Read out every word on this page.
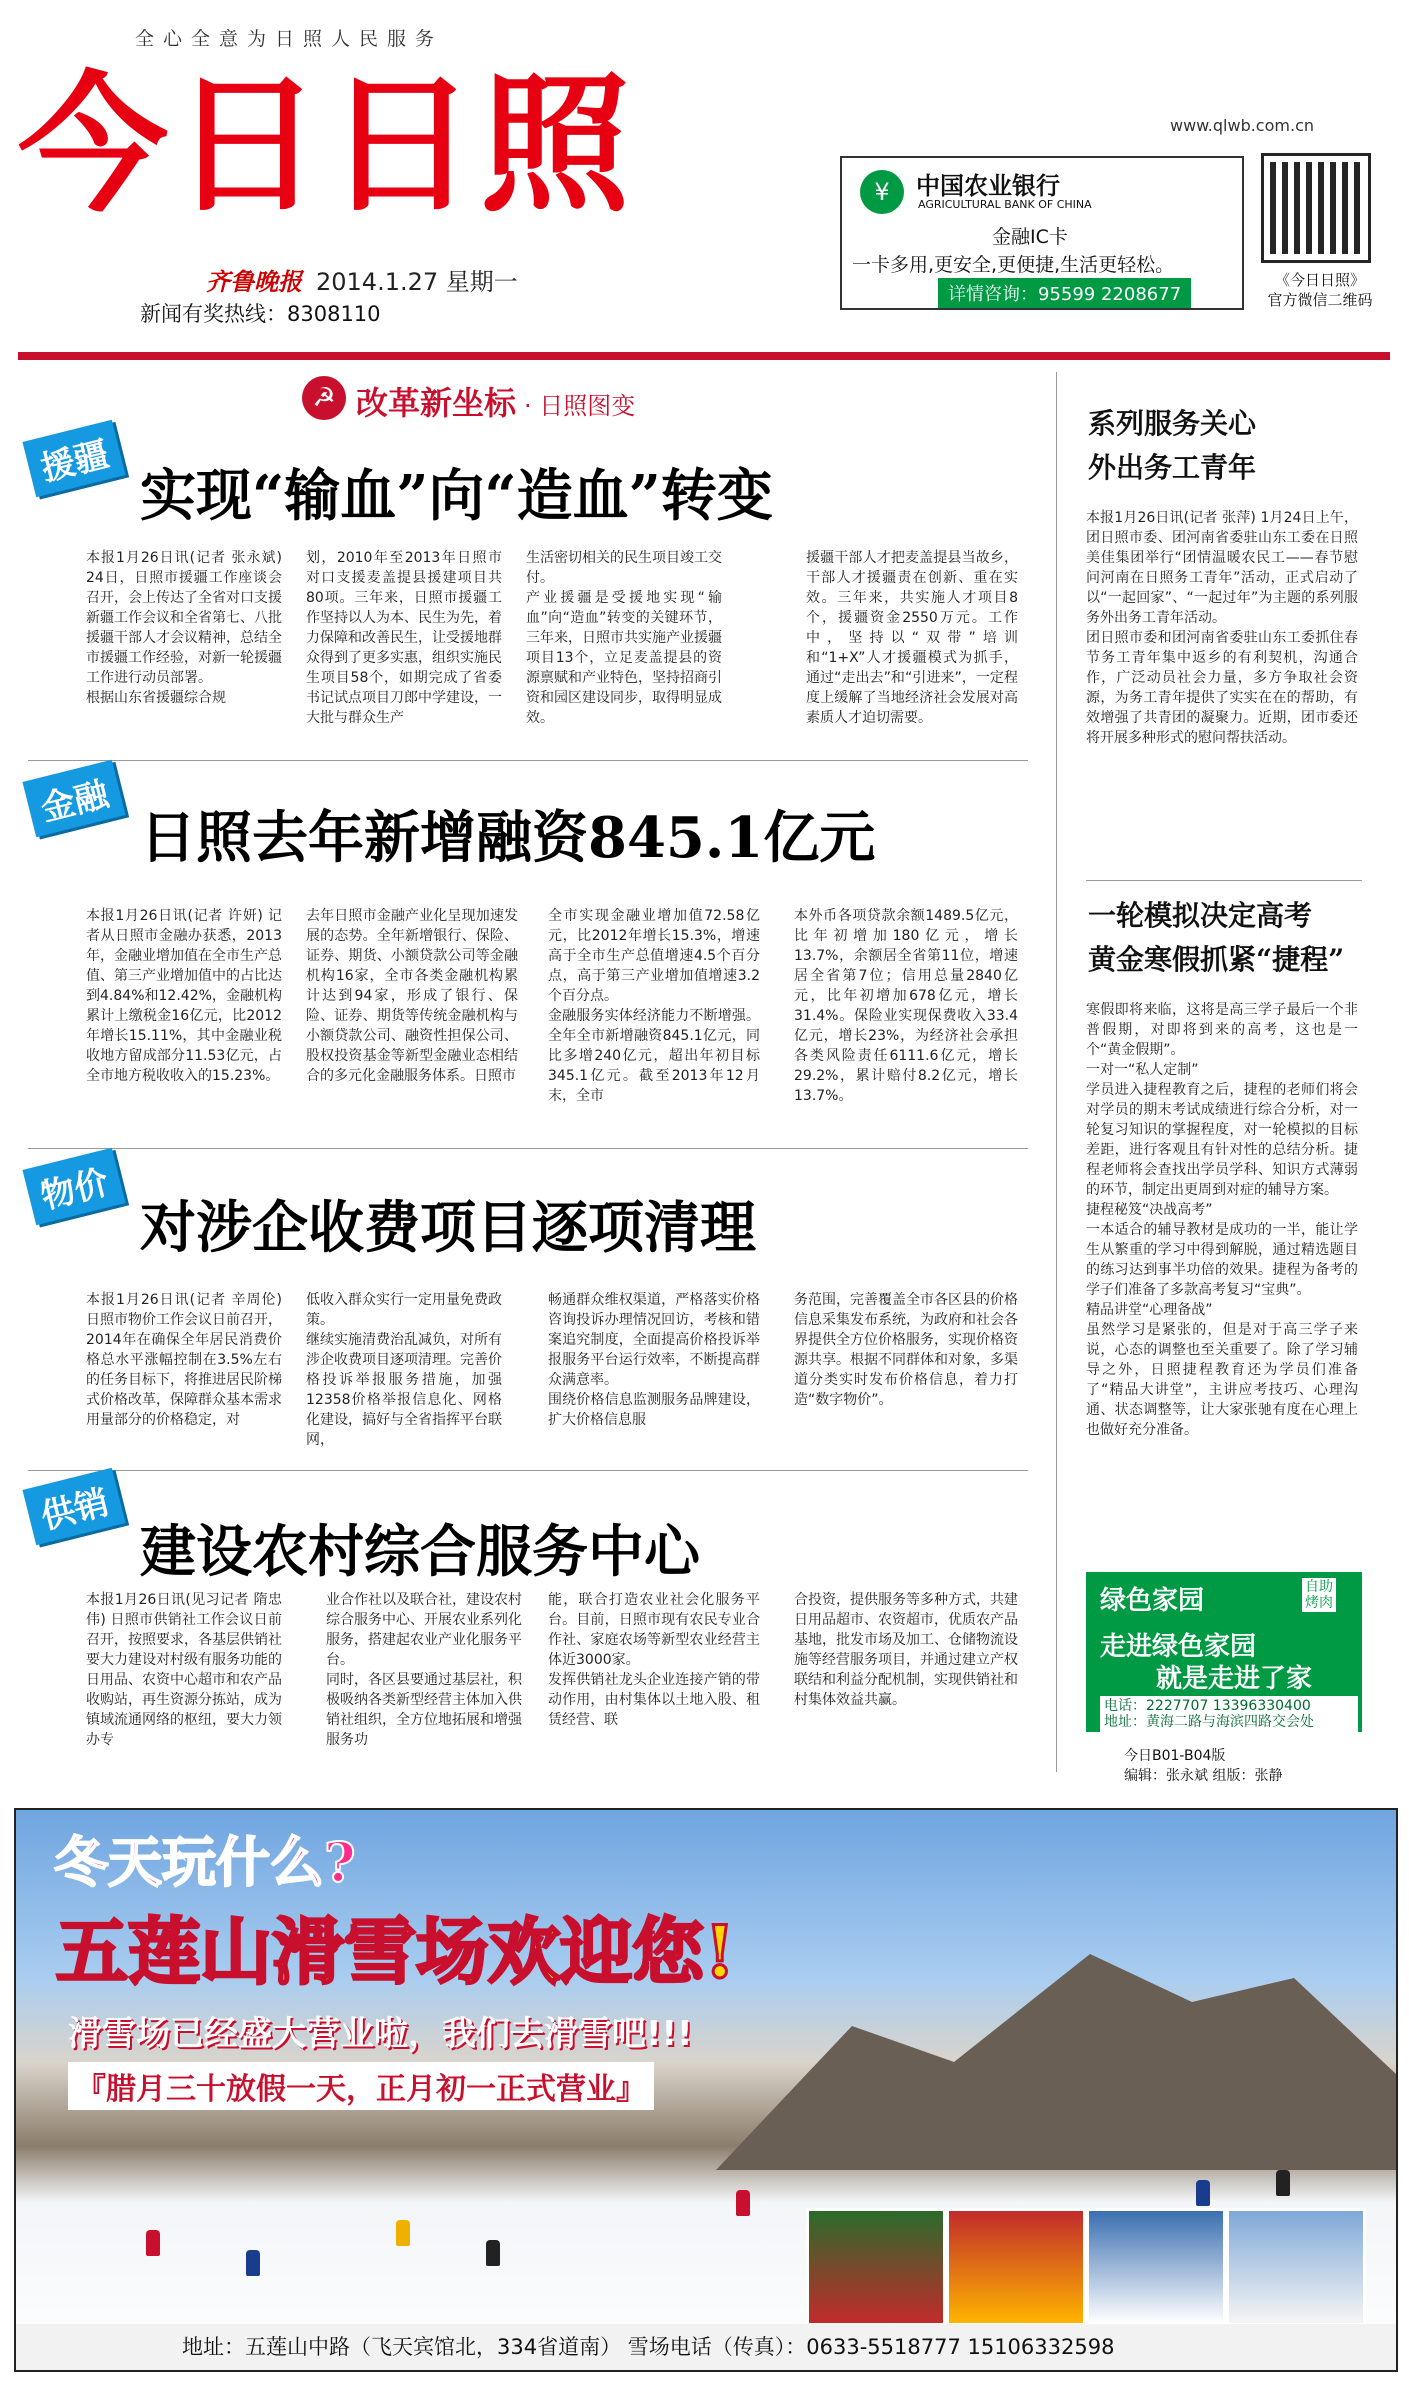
全心全意为日照人民服务
今日日照
齐鲁晚报 2014.1.27 星期一
新闻有奖热线：8308110
www.qlwb.com.cn
¥	中国农业银行
AGRICULTURAL BANK OF CHINA
金融IC卡
一卡多用,更安全,更便捷,生活更轻松。
详情咨询：95599 2208677
《今日日照》
官方微信二维码
☭ 改革新坐标 · 日照图变
援疆
实现“输血”向“造血”转变
本报1月26日讯(记者 张永斌) 24日，日照市援疆工作座谈会召开，会上传达了全省对口支援新疆工作会议和全省第七、八批援疆干部人才会议精神，总结全市援疆工作经验，对新一轮援疆工作进行动员部署。
根据山东省援疆综合规
划，2010年至2013年日照市对口支援麦盖提县援建项目共80项。三年来，日照市援疆工作坚持以人为本、民生为先，着力保障和改善民生，让受援地群众得到了更多实惠，组织实施民生项目58个，如期完成了省委书记试点项目刀郎中学建设，一大批与群众生产
生活密切相关的民生项目竣工交付。
产业援疆是受援地实现“输血”向“造血”转变的关键环节，三年来，日照市共实施产业援疆项目13个，立足麦盖提县的资源禀赋和产业特色，坚持招商引资和园区建设同步，取得明显成效。
援疆干部人才把麦盖提县当故乡，干部人才援疆责在创新、重在实效。三年来，共实施人才项目8个，援疆资金2550万元。工作中，坚持以“双带”培训和“1+X”人才援疆模式为抓手，通过“走出去”和“引进来”，一定程度上缓解了当地经济社会发展对高素质人才迫切需要。
金融
日照去年新增融资845.1亿元
本报1月26日讯(记者 许妍) 记者从日照市金融办获悉，2013年，金融业增加值在全市生产总值、第三产业增加值中的占比达到4.84%和12.42%，金融机构累计上缴税金16亿元，比2012年增长15.11%，其中金融业税收地方留成部分11.53亿元，占全市地方税收收入的15.23%。
去年日照市金融产业化呈现加速发展的态势。全年新增银行、保险、证券、期货、小额贷款公司等金融机构16家，全市各类金融机构累计达到94家，形成了银行、保险、证券、期货等传统金融机构与小额贷款公司、融资性担保公司、股权投资基金等新型金融业态相结合的多元化金融服务体系。日照市
全市实现金融业增加值72.58亿元，比2012年增长15.3%，增速高于全市生产总值增速4.5个百分点，高于第三产业增加值增速3.2个百分点。
金融服务实体经济能力不断增强。全年全市新增融资845.1亿元，同比多增240亿元，超出年初目标345.1亿元。截至2013年12月末，全市
本外币各项贷款余额1489.5亿元，比年初增加180亿元，增长13.7%，余额居全省第11位，增速居全省第7位；信用总量2840亿元，比年初增加678亿元，增长31.4%。保险业实现保费收入33.4亿元，增长23%，为经济社会承担各类风险责任6111.6亿元，增长29.2%，累计赔付8.2亿元，增长13.7%。
物价
对涉企收费项目逐项清理
本报1月26日讯(记者 辛周伦) 日照市物价工作会议日前召开，2014年在确保全年居民消费价格总水平涨幅控制在3.5%左右的任务目标下，将推进居民阶梯式价格改革，保障群众基本需求用量部分的价格稳定，对
低收入群众实行一定用量免费政策。
继续实施清费治乱减负，对所有涉企收费项目逐项清理。完善价格投诉举报服务措施，加强12358价格举报信息化、网格化建设，搞好与全省指挥平台联网，
畅通群众维权渠道，严格落实价格咨询投诉办理情况回访，考核和错案追究制度，全面提高价格投诉举报服务平台运行效率，不断提高群众满意率。
围绕价格信息监测服务品牌建设，扩大价格信息服
务范围，完善覆盖全市各区县的价格信息采集发布系统，为政府和社会各界提供全方位价格服务，实现价格资源共享。根据不同群体和对象，多渠道分类实时发布价格信息，着力打造“数字物价”。
供销
建设农村综合服务中心
本报1月26日讯(见习记者 隋忠伟) 日照市供销社工作会议日前召开，按照要求，各基层供销社要大力建设对村级有服务功能的日用品、农资中心超市和农产品收购站，再生资源分拣站，成为镇域流通网络的枢纽，要大力领办专
业合作社以及联合社，建设农村综合服务中心、开展农业系列化服务，搭建起农业产业化服务平台。
同时，各区县要通过基层社，积极吸纳各类新型经营主体加入供销社组织，全方位地拓展和增强服务功
能，联合打造农业社会化服务平台。目前，日照市现有农民专业合作社、家庭农场等新型农业经营主体近3000家。
发挥供销社龙头企业连接产销的带动作用，由村集体以土地入股、租赁经营、联
合投资，提供服务等多种方式，共建日用品超市、农资超市，优质农产品基地，批发市场及加工、仓储物流设施等经营服务项目，并通过建立产权联结和利益分配机制，实现供销社和村集体效益共赢。
系列服务关心
外出务工青年
本报1月26日讯(记者 张萍) 1月24日上午，团日照市委、团河南省委驻山东工委在日照美佳集团举行“团情温暖农民工——春节慰问河南在日照务工青年”活动，正式启动了以“一起回家”、“一起过年”为主题的系列服务外出务工青年活动。
团日照市委和团河南省委驻山东工委抓住春节务工青年集中返乡的有利契机，沟通合作，广泛动员社会力量，多方争取社会资源，为务工青年提供了实实在在的帮助，有效增强了共青团的凝聚力。近期，团市委还将开展多种形式的慰问帮扶活动。
一轮模拟决定高考
黄金寒假抓紧“捷程”
寒假即将来临，这将是高三学子最后一个非普假期，对即将到来的高考，这也是一个“黄金假期”。
一对一“私人定制”
学员进入捷程教育之后，捷程的老师们将会对学员的期末考试成绩进行综合分析，对一轮复习知识的掌握程度，对一轮模拟的目标差距，进行客观且有针对性的总结分析。捷程老师将会查找出学员学科、知识方式薄弱的环节，制定出更周到对症的辅导方案。
捷程秘笈“决战高考”
一本适合的辅导教材是成功的一半，能让学生从繁重的学习中得到解脱，通过精选题目的练习达到事半功倍的效果。捷程为备考的学子们准备了多款高考复习“宝典”。
精品讲堂“心理备战”
虽然学习是紧张的，但是对于高三学子来说，心态的调整也至关重要了。除了学习辅导之外，日照捷程教育还为学员们准备了“精品大讲堂”，主讲应考技巧、心理沟通、状态调整等，让大家张驰有度在心理上也做好充分准备。
绿色家园	自助烤肉
走进绿色家园
就是走进了家
电话：2227707 13396330400
地址：黄海二路与海滨四路交会处
今日B01-B04版
编辑：张永斌 组版：张静
冬天玩什么?
五莲山滑雪场欢迎您!
滑雪场已经盛大营业啦，我们去滑雪吧!!!
『腊月三十放假一天，正月初一正式营业』
地址：五莲山中路（飞天宾馆北，334省道南） 雪场电话（传真）：0633-5518777 15106332598
